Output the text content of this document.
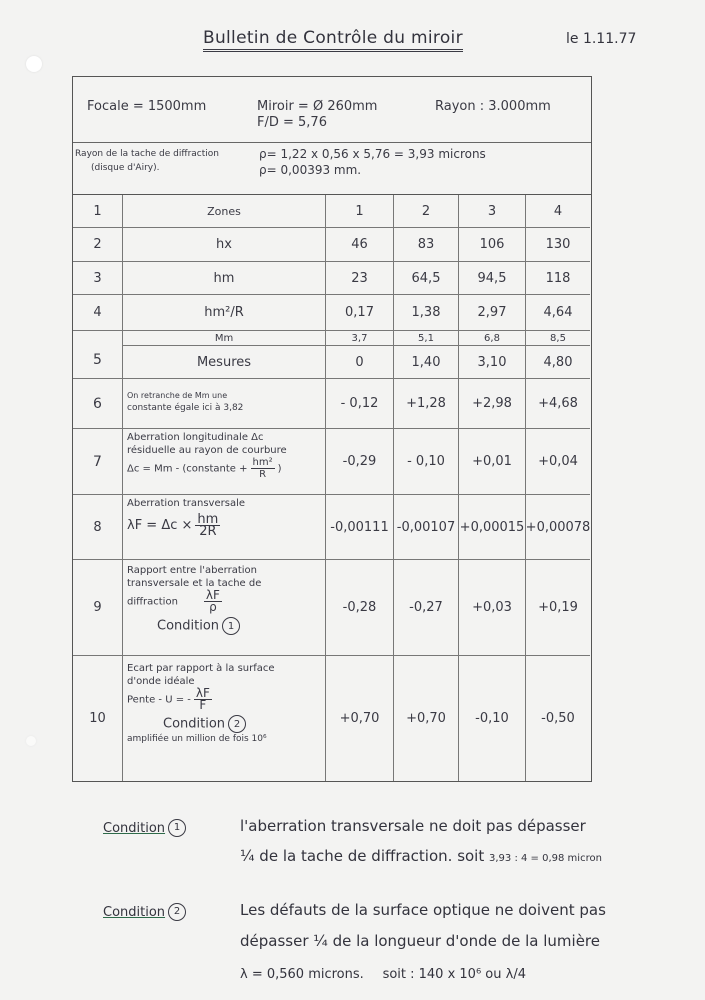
Bulletin de Contrôle du miroir	le 1.11.77
Focale = 1500mm	Miroir = Ø 260mm	Rayon : 3.000mm
F/D = 5,76
Rayon de la tache de diffraction
(disque d'Airy).
ρ= 1,22 x 0,56 x 5,76 = 3,93 microns
ρ= 0,00393 mm.
1	Zones	1	2	3	4
2	hx	46	83	106	130
3	hm	23	64,5	94,5	118
4	hm²/R	0,17	1,38	2,97	4,64
5
Mm	3,7	5,1	6,8	8,5
Mesures	0	1,40	3,10	4,80
6	On retranche de Mm une
constante égale ici à 3,82	- 0,12	+1,28	+2,98	+4,68
7
Aberration longitudinale Δc
résiduelle au rayon de courbure
Δc = Mm - (constante + $\frac{\text{hm²}}{R}$ )	-0,29	- 0,10	+0,01	+0,04
8
Aberration transversale
$\lambda F = \Delta c \times \frac{hm}{2R}$	-0,00111 -0,00107 +0,00015 +0,00078
9
Rapport entre l'aberration
transversale et la tache de
diffraction $\frac{\lambda F}{\rho}$
Condition 1
-0,28	-0,27	+0,03	+0,19
10
Ecart par rapport à la surface
d'onde idéale
Pente - U = - $\frac{\lambda F}{F}$
Condition 2
amplifiée un million de fois 10⁶
+0,70	+0,70	-0,10	-0,50
Condition 1	l'aberration transversale ne doit pas dépasser
¼ de la tache de diffraction. soit 3,93 : 4 = 0,98 micron
Condition 2	Les défauts de la surface optique ne doivent pas
dépasser ¼ de la longueur d'onde de la lumière
λ = 0,560 microns. soit : 140 x 10⁶ ou λ/4
